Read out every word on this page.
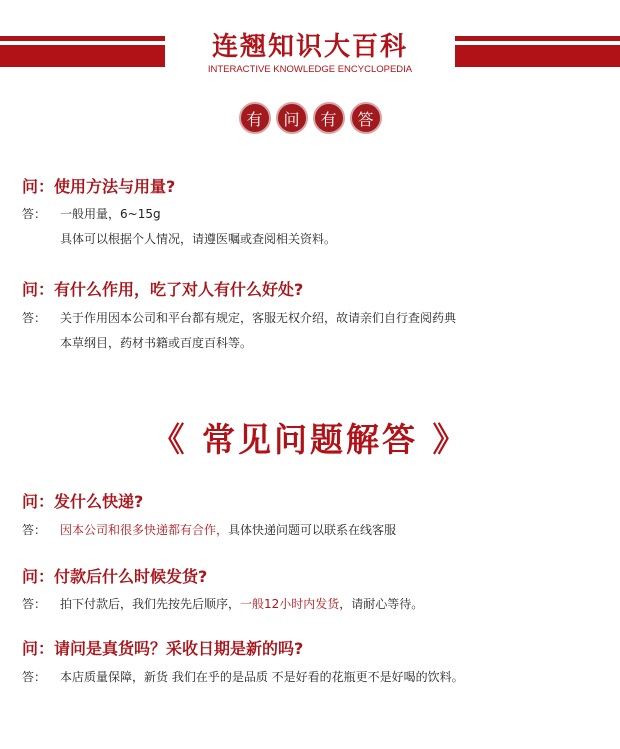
连翘知识大百科
INTERACTIVE KNOWLEDGE ENCYCLOPEDIA
有	问	有	答
问：使用方法与用量?
答： 一般用量，6~15g
具体可以根据个人情况，请遵医嘱或查阅相关资料。
问：有什么作用，吃了对人有什么好处?
答： 关于作用因本公司和平台都有规定，客服无权介绍，故请亲们自行查阅药典
本草纲目，药材书籍或百度百科等。
《 常见问题解答 》
问：发什么快递?
答： 因本公司和很多快递都有合作，具体快递问题可以联系在线客服
问：付款后什么时候发货?
答： 拍下付款后，我们先按先后顺序，一般12小时内发货，请耐心等待。
问：请问是真货吗？采收日期是新的吗?
答： 本店质量保障，新货 我们在乎的是品质 不是好看的花瓶更不是好喝的饮料。
